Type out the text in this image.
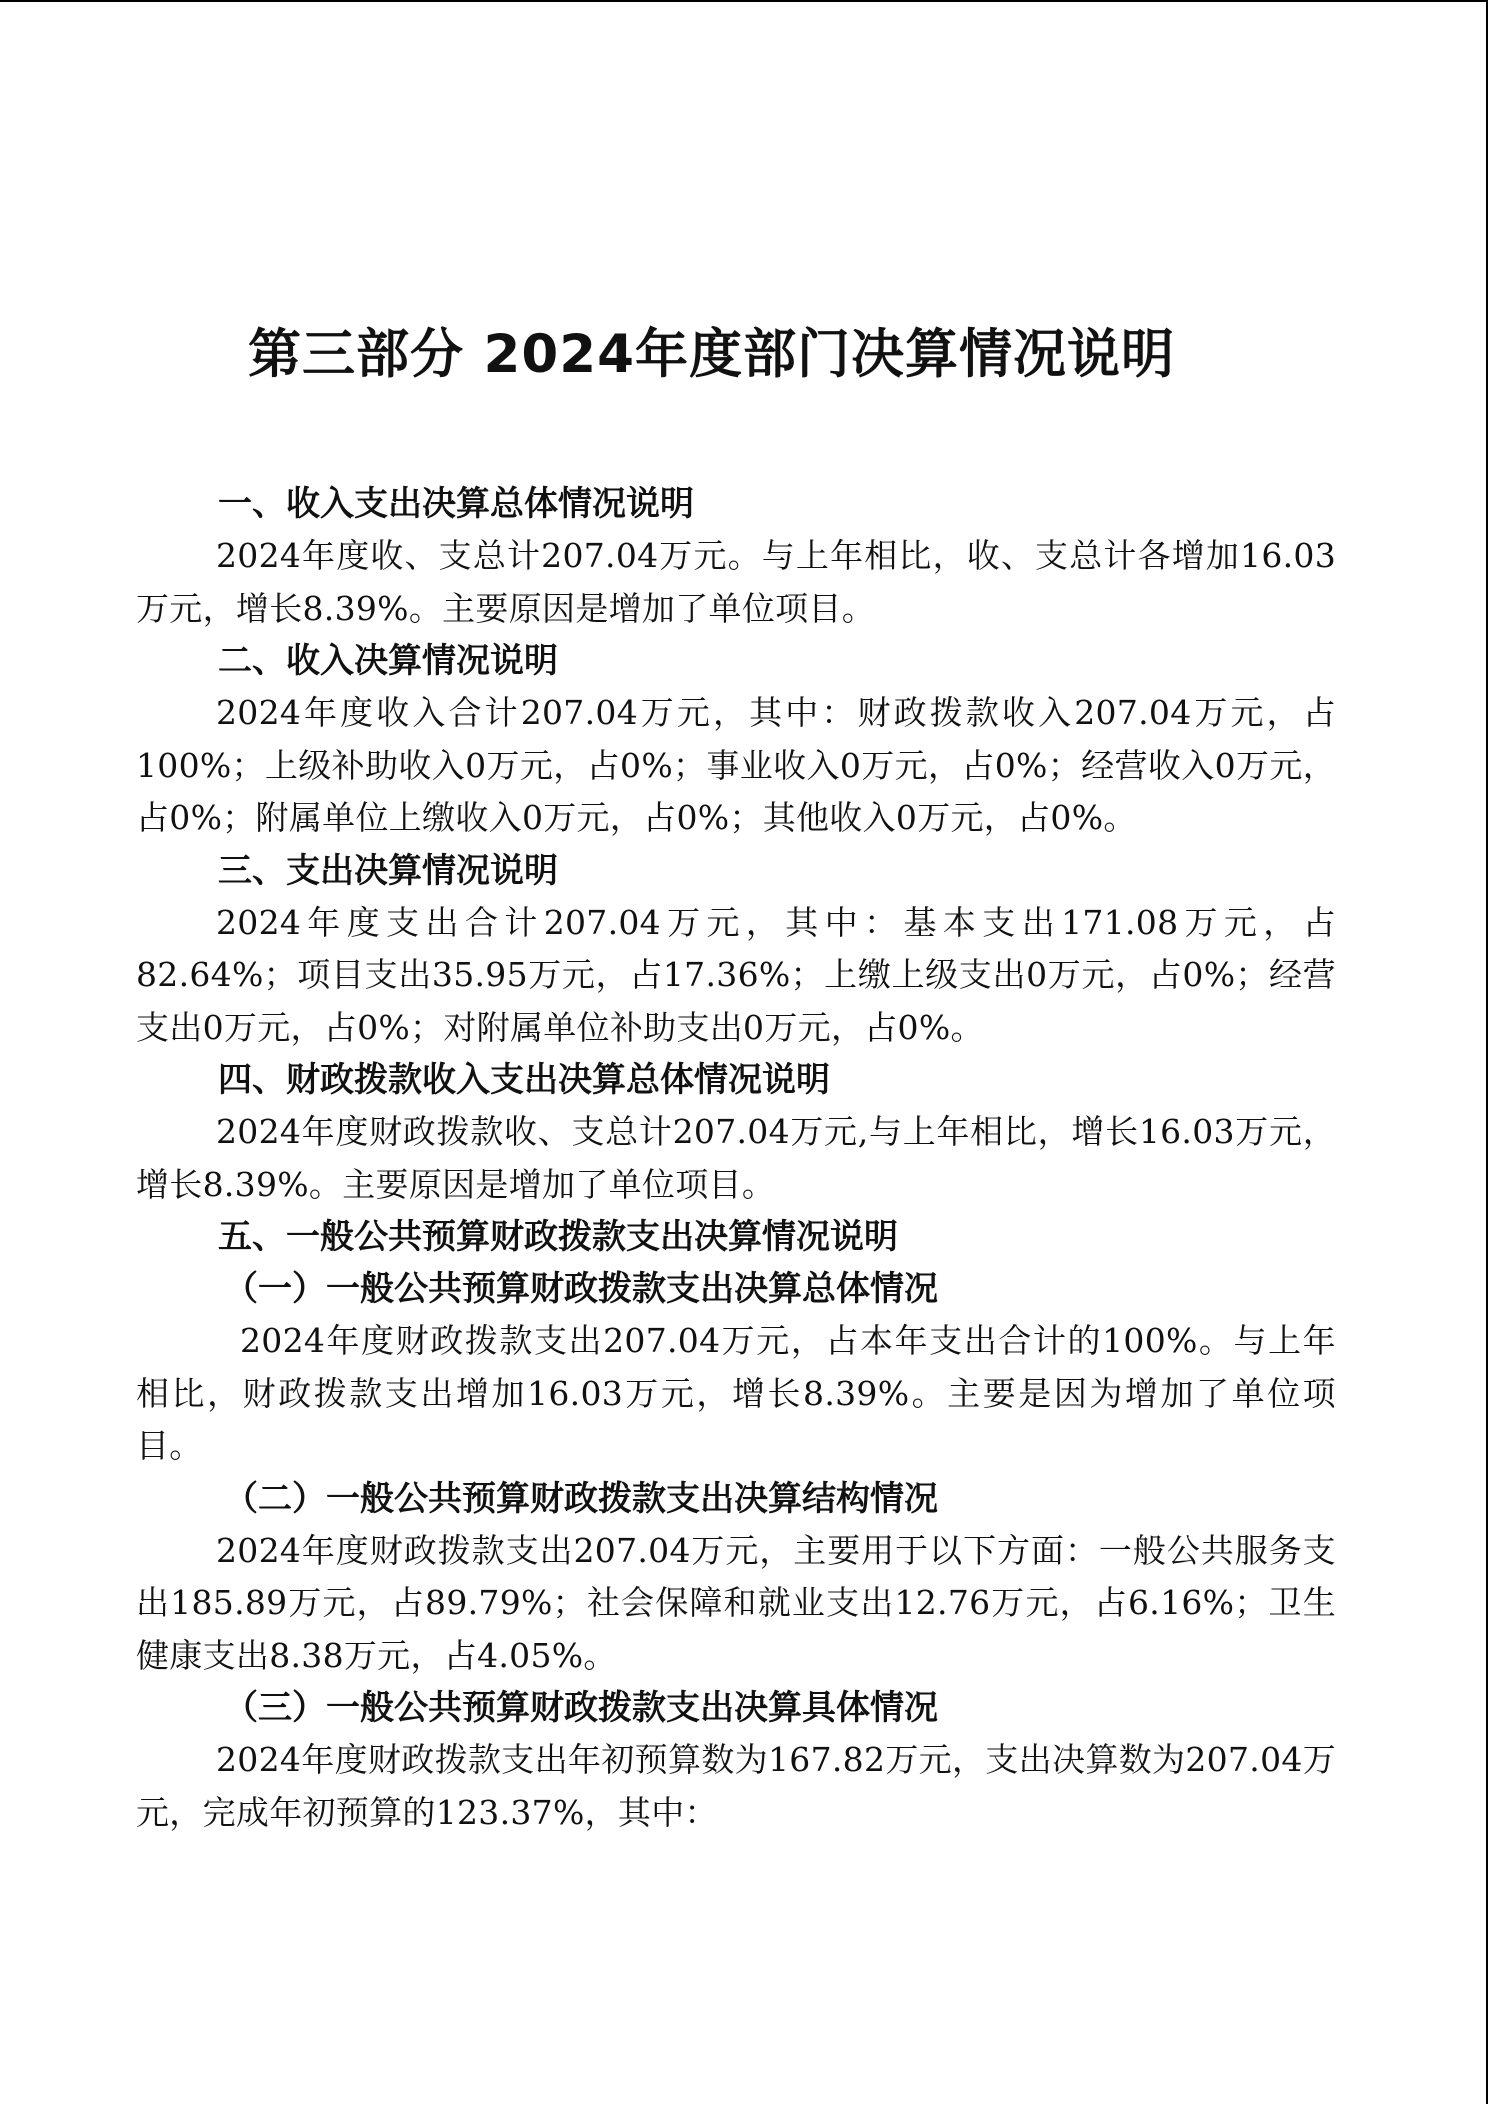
第三部分 2024年度部门决算情况说明
一、收入支出决算总体情况说明

2024年度收、支总计207.04万元。与上年相比，收、支总计各增加16.03万元，增长8.39%。主要原因是增加了单位项目。

二、收入决算情况说明

2024年度收入合计207.04万元，其中：财政拨款收入207.04万元，占100%；上级补助收入0万元，占0%；事业收入0万元，占0%；经营收入0万元，占0%；附属单位上缴收入0万元，占0%；其他收入0万元，占0%。

三、支出决算情况说明

2024年度支出合计207.04万元，其中：基本支出171.08万元，占82.64%；项目支出35.95万元，占17.36%；上缴上级支出0万元，占0%；经营支出0万元，占0%；对附属单位补助支出0万元，占0%。

四、财政拨款收入支出决算总体情况说明

2024年度财政拨款收、支总计207.04万元,与上年相比，增长16.03万元，增长8.39%。主要原因是增加了单位项目。

五、一般公共预算财政拨款支出决算情况说明
（一）一般公共预算财政拨款支出决算总体情况

2024年度财政拨款支出207.04万元，占本年支出合计的100%。与上年相比，财政拨款支出增加16.03万元，增长8.39%。主要是因为增加了单位项目。

（二）一般公共预算财政拨款支出决算结构情况

2024年度财政拨款支出207.04万元，主要用于以下方面：一般公共服务支出185.89万元，占89.79%；社会保障和就业支出12.76万元，占6.16%；卫生健康支出8.38万元，占4.05%。

（三）一般公共预算财政拨款支出决算具体情况

2024年度财政拨款支出年初预算数为167.82万元，支出决算数为207.04万元，完成年初预算的123.37%，其中：
